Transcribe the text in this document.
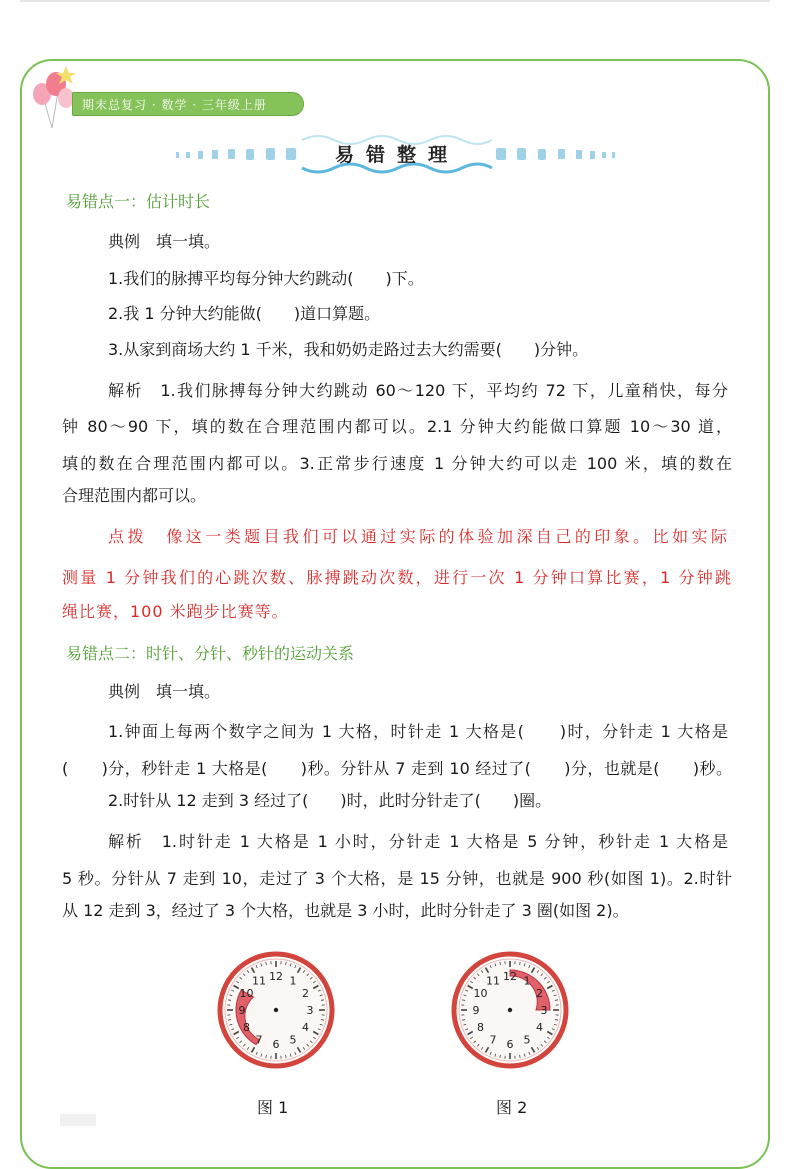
期末总复习 · 数学 · 三年级上册
易错整理
易错点一：估计时长
典例　填一填。
1.我们的脉搏平均每分钟大约跳动(　　)下。
2.我 1 分钟大约能做(　　)道口算题。
3.从家到商场大约 1 千米，我和奶奶走路过去大约需要(　　)分钟。
解析　1.我们脉搏每分钟大约跳动 60～120 下，平均约 72 下，儿童稍快，每分
钟 80～90 下，填的数在合理范围内都可以。2.1 分钟大约能做口算题 10～30 道，
填的数在合理范围内都可以。3.正常步行速度 1 分钟大约可以走 100 米，填的数在
合理范围内都可以。
点拨　像这一类题目我们可以通过实际的体验加深自己的印象。比如实际
测量 1 分钟我们的心跳次数、脉搏跳动次数，进行一次 1 分钟口算比赛，1 分钟跳
绳比赛，100 米跑步比赛等。
易错点二：时针、分针、秒针的运动关系
典例　填一填。
1.钟面上每两个数字之间为 1 大格，时针走 1 大格是(　　)时，分针走 1 大格是
(　　)分，秒针走 1 大格是(　　)秒。分针从 7 走到 10 经过了(　　)分，也就是(　　)秒。
2.时针从 12 走到 3 经过了(　　)时，此时分针走了(　　)圈。
解析　1.时针走 1 大格是 1 小时，分针走 1 大格是 5 分钟，秒针走 1 大格是
5 秒。分针从 7 走到 10，走过了 3 个大格，是 15 分钟，也就是 900 秒(如图 1)。2.时针
从 12 走到 3，经过了 3 个大格，也就是 3 小时，此时分针走了 3 圈(如图 2)。
12 1
2
3
4
5
6
7
8
9
10
11	12 1
2
3
4
5
6
7
8
9
10
11
图 1	图 2
